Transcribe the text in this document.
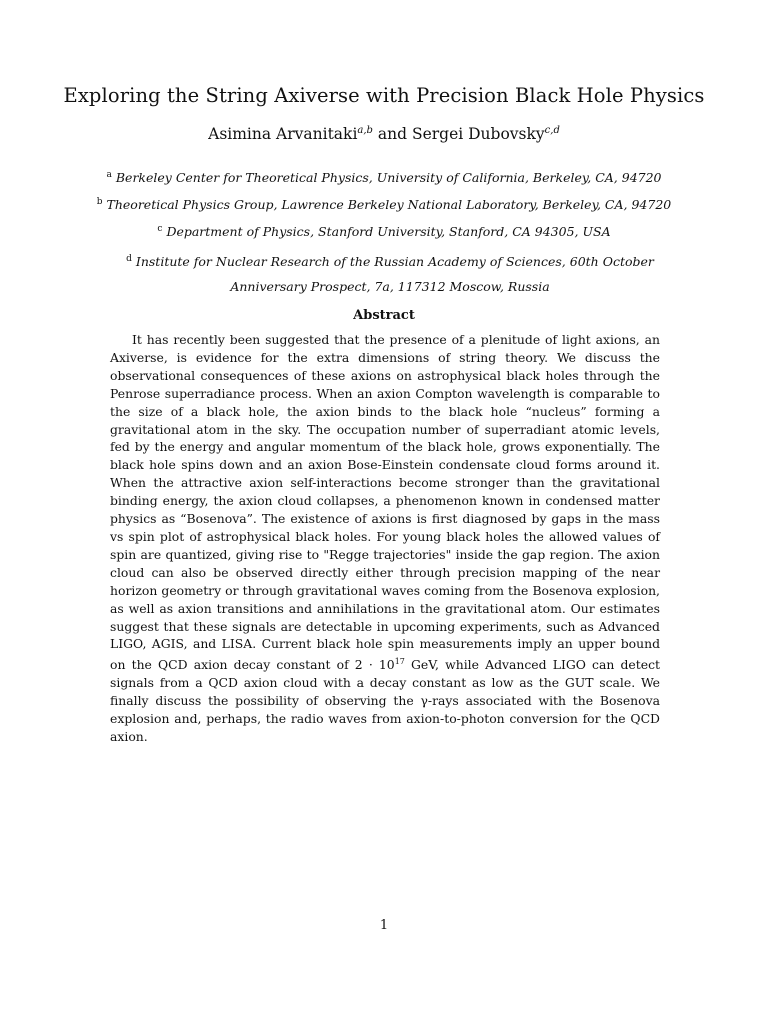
Exploring the String Axiverse with Precision Black Hole Physics
Asimina Arvanitaki$^{a,b}$ and Sergei Dubovsky$^{c,d}$
$^a$ Berkeley Center for Theoretical Physics, University of California, Berkeley, CA, 94720
$^b$ Theoretical Physics Group, Lawrence Berkeley National Laboratory, Berkeley, CA, 94720
$^c$ Department of Physics, Stanford University, Stanford, CA 94305, USA
$^d$ Institute for Nuclear Research of the Russian Academy of Sciences, 60th October Anniversary Prospect, 7a, 117312 Moscow, Russia
Abstract

It has recently been suggested that the presence of a plenitude of light axions, an Axiverse, is evidence for the extra dimensions of string theory. We discuss the observational consequences of these axions on astrophysical black holes through the Penrose superradiance process. When an axion Compton wavelength is comparable to the size of a black hole, the axion binds to the black hole “nucleus” forming a gravitational atom in the sky. The occupation number of superradiant atomic levels, fed by the energy and angular momentum of the black hole, grows exponentially. The black hole spins down and an axion Bose-Einstein condensate cloud forms around it. When the attractive axion self-interactions become stronger than the gravitational binding energy, the axion cloud collapses, a phenomenon known in condensed matter physics as “Bosenova”. The existence of axions is first diagnosed by gaps in the mass vs spin plot of astrophysical black holes. For young black holes the allowed values of spin are quantized, giving rise to "Regge trajectories" inside the gap region. The axion cloud can also be observed directly either through precision mapping of the near horizon geometry or through gravitational waves coming from the Bosenova explosion, as well as axion transitions and annihilations in the gravitational atom. Our estimates suggest that these signals are detectable in upcoming experiments, such as Advanced LIGO, AGIS, and LISA. Current black hole spin measurements imply an upper bound on the QCD axion decay constant of $2 \cdot 10^{17}$ GeV, while Advanced LIGO can detect signals from a QCD axion cloud with a decay constant as low as the GUT scale. We finally discuss the possibility of observing the γ-rays associated with the Bosenova explosion and, perhaps, the radio waves from axion-to-photon conversion for the QCD axion.

1
